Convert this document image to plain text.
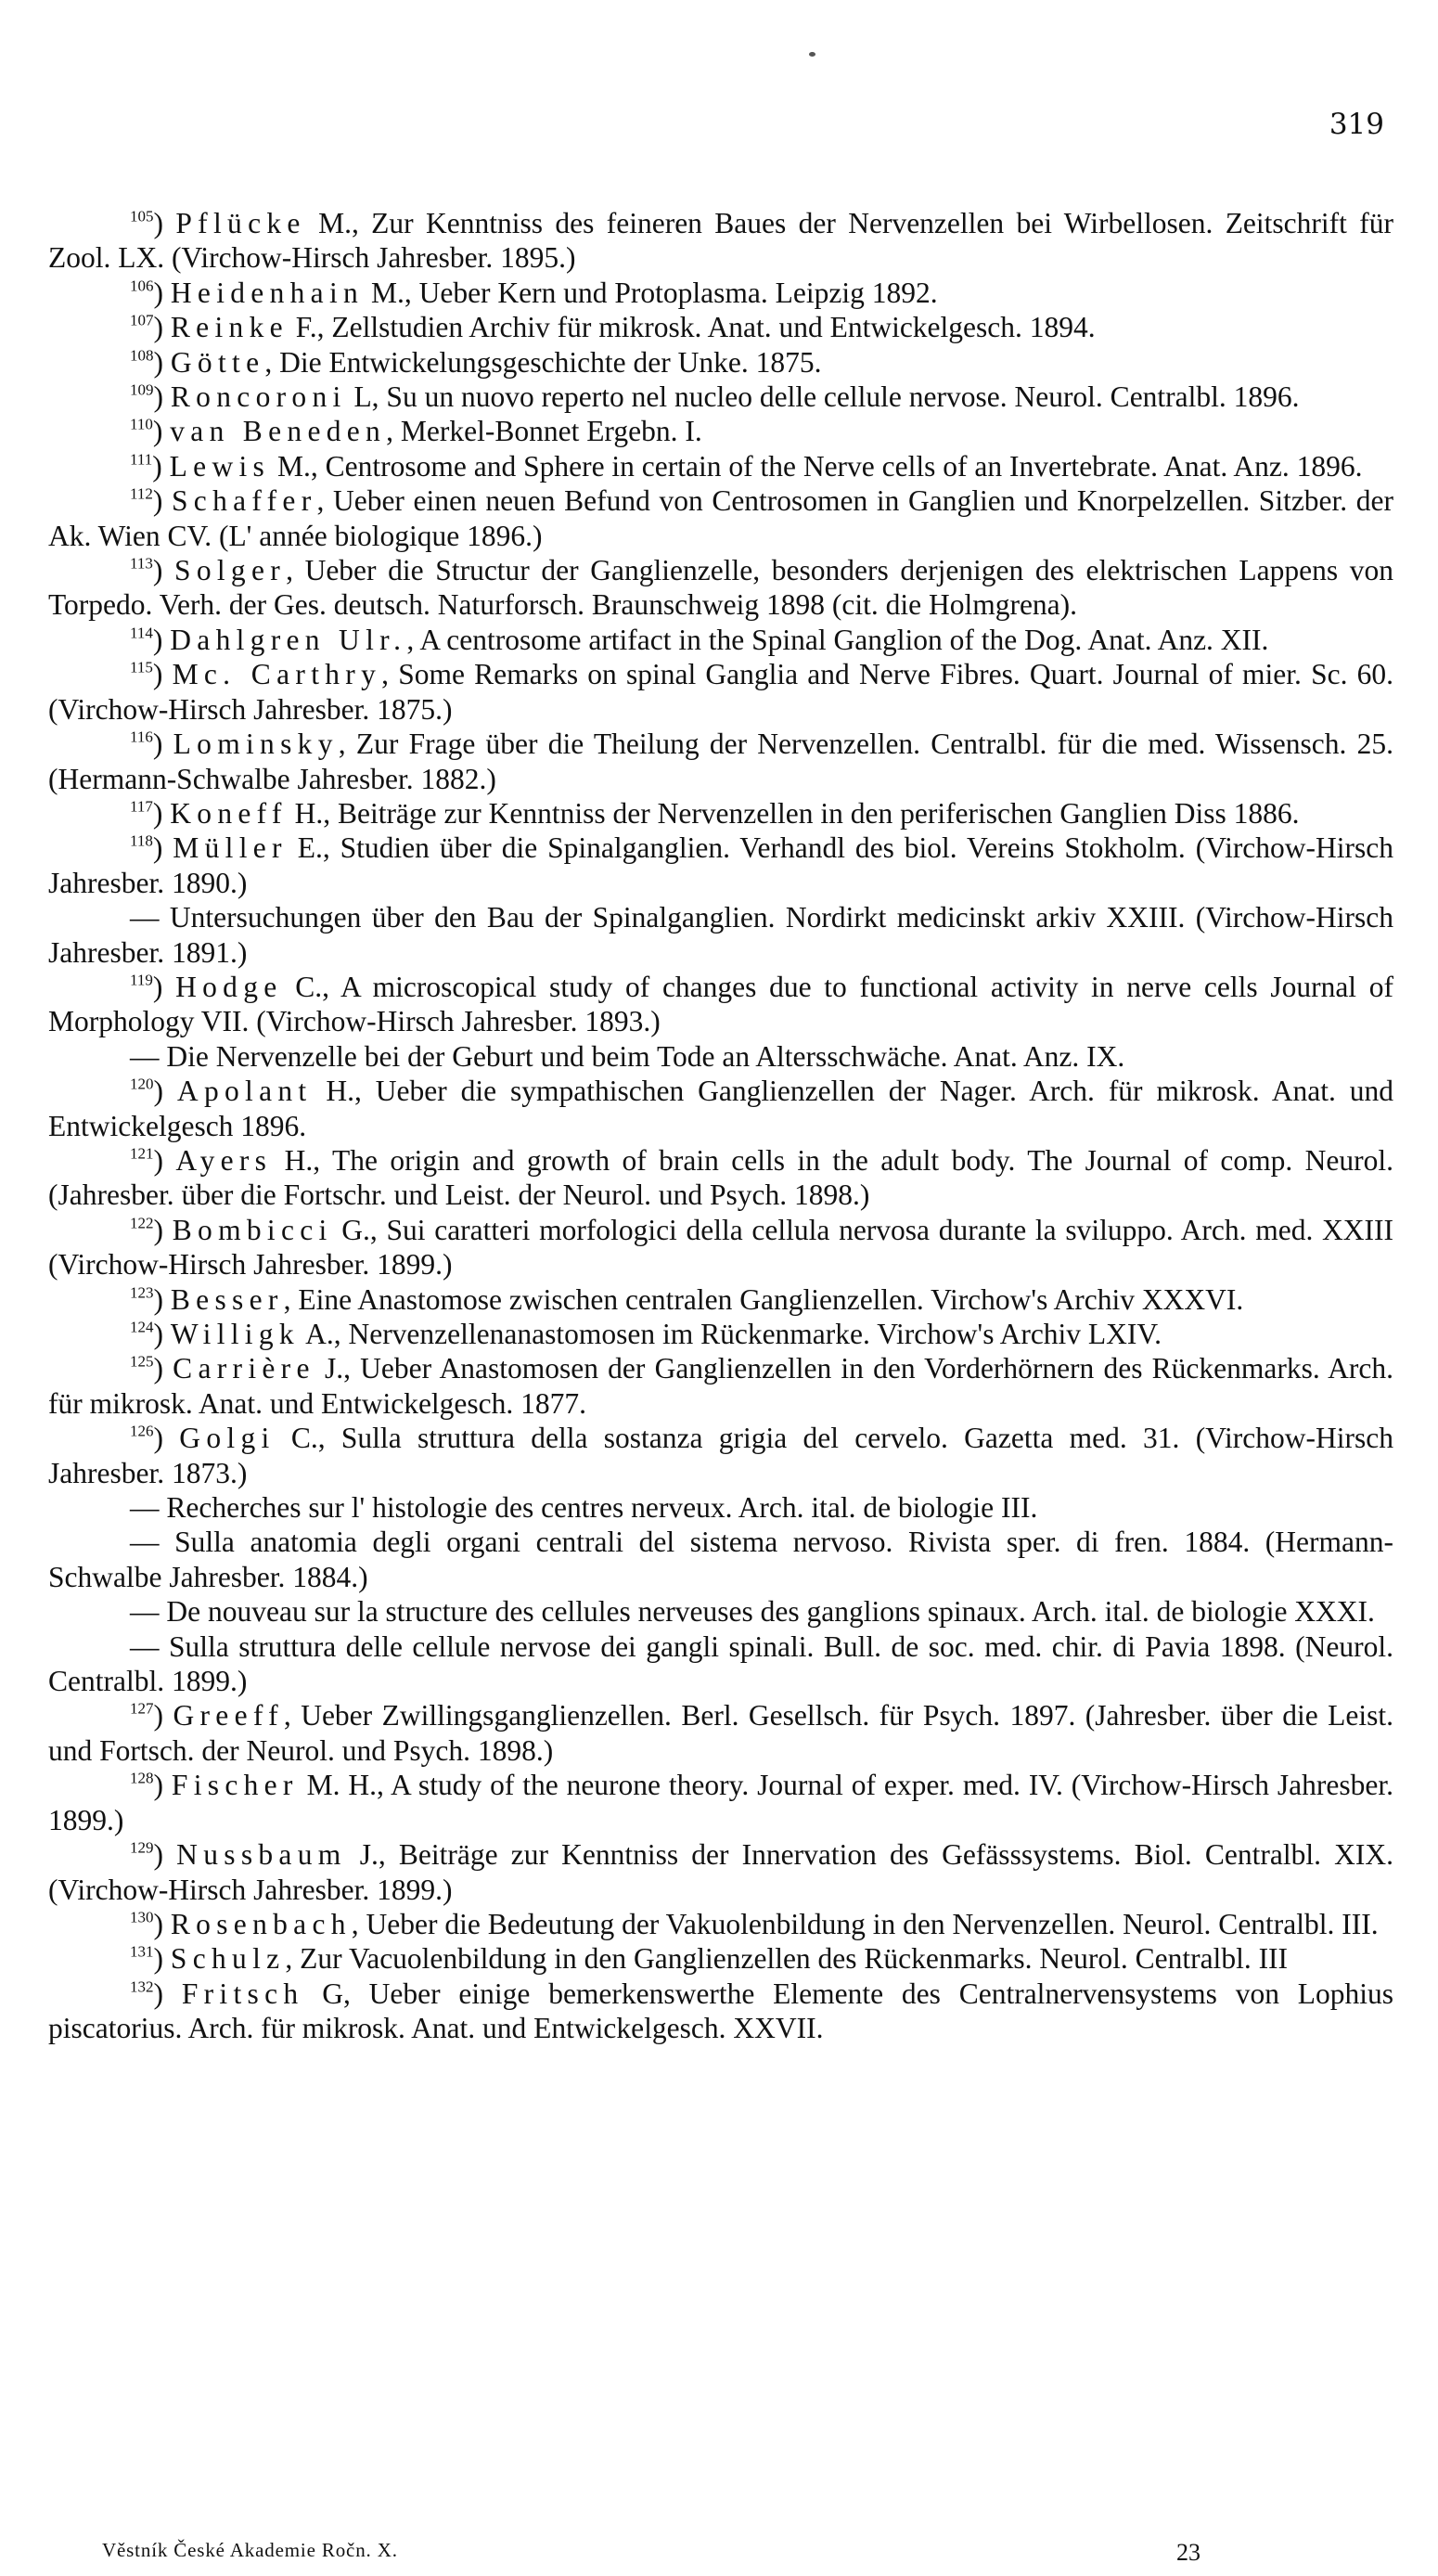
319

$^{105}$) Pflücke M., Zur Kenntniss des feineren Baues der Nervenzellen bei Wirbellosen. Zeitschrift für Zool. LX. (Virchow-Hirsch Jahresber. 1895.)

$^{106}$) Heidenhain M., Ueber Kern und Protoplasma. Leipzig 1892.

$^{107}$) Reinke F., Zellstudien Archiv für mikrosk. Anat. und Entwickelgesch. 1894.

$^{108}$) Götte, Die Entwickelungsgeschichte der Unke. 1875.

$^{109}$) Roncoroni L, Su un nuovo reperto nel nucleo delle cellule nervose. Neurol. Centralbl. 1896.

$^{110}$) van Beneden, Merkel-Bonnet Ergebn. I.

$^{111}$) Lewis M., Centrosome and Sphere in certain of the Nerve cells of an Invertebrate. Anat. Anz. 1896.

$^{112}$) Schaffer, Ueber einen neuen Befund von Centrosomen in Ganglien und Knorpelzellen. Sitzber. der Ak. Wien CV. (L' année biologique 1896.)

$^{113}$) Solger, Ueber die Structur der Ganglienzelle, besonders derjenigen des elektrischen Lappens von Torpedo. Verh. der Ges. deutsch. Naturforsch. Braunschweig 1898 (cit. die Holmgrena).

$^{114}$) Dahlgren Ulr., A centrosome artifact in the Spinal Ganglion of the Dog. Anat. Anz. XII.

$^{115}$) Mc. Carthry, Some Remarks on spinal Ganglia and Nerve Fibres. Quart. Journal of mier. Sc. 60. (Virchow-Hirsch Jahresber. 1875.)

$^{116}$) Lominsky, Zur Frage über die Theilung der Nervenzellen. Centralbl. für die med. Wissensch. 25. (Hermann-Schwalbe Jahresber. 1882.)

$^{117}$) Koneff H., Beiträge zur Kenntniss der Nervenzellen in den periferischen Ganglien Diss 1886.

$^{118}$) Müller E., Studien über die Spinalganglien. Verhandl des biol. Vereins Stokholm. (Virchow-Hirsch Jahresber. 1890.)

— Untersuchungen über den Bau der Spinalganglien. Nordirkt medicinskt arkiv XXIII. (Virchow-Hirsch Jahresber. 1891.)

$^{119}$) Hodge C., A microscopical study of changes due to functional activity in nerve cells Journal of Morphology VII. (Virchow-Hirsch Jahresber. 1893.)

— Die Nervenzelle bei der Geburt und beim Tode an Altersschwäche. Anat. Anz. IX.

$^{120}$) Apolant H., Ueber die sympathischen Ganglienzellen der Nager. Arch. für mikrosk. Anat. und Entwickelgesch 1896.

$^{121}$) Ayers H., The origin and growth of brain cells in the adult body. The Journal of comp. Neurol. (Jahresber. über die Fortschr. und Leist. der Neurol. und Psych. 1898.)

$^{122}$) Bombicci G., Sui caratteri morfologici della cellula nervosa durante la sviluppo. Arch. med. XXIII (Virchow-Hirsch Jahresber. 1899.)

$^{123}$) Besser, Eine Anastomose zwischen centralen Ganglienzellen. Virchow's Archiv XXXVI.

$^{124}$) Willigk A., Nervenzellenanastomosen im Rückenmarke. Virchow's Archiv LXIV.

$^{125}$) Carrière J., Ueber Anastomosen der Ganglienzellen in den Vorderhörnern des Rückenmarks. Arch. für mikrosk. Anat. und Entwickelgesch. 1877.

$^{126}$) Golgi C., Sulla struttura della sostanza grigia del cervelo. Gazetta med. 31. (Virchow-Hirsch Jahresber. 1873.)

— Recherches sur l' histologie des centres nerveux. Arch. ital. de biologie III.

— Sulla anatomia degli organi centrali del sistema nervoso. Rivista sper. di fren. 1884. (Hermann-Schwalbe Jahresber. 1884.)

— De nouveau sur la structure des cellules nerveuses des ganglions spinaux. Arch. ital. de biologie XXXI.

— Sulla struttura delle cellule nervose dei gangli spinali. Bull. de soc. med. chir. di Pavia 1898. (Neurol. Centralbl. 1899.)

$^{127}$) Greeff, Ueber Zwillingsganglienzellen. Berl. Gesellsch. für Psych. 1897. (Jahresber. über die Leist. und Fortsch. der Neurol. und Psych. 1898.)

$^{128}$) Fischer M. H., A study of the neurone theory. Journal of exper. med. IV. (Virchow-Hirsch Jahresber. 1899.)

$^{129}$) Nussbaum J., Beiträge zur Kenntniss der Innervation des Gefässsystems. Biol. Centralbl. XIX. (Virchow-Hirsch Jahresber. 1899.)

$^{130}$) Rosenbach, Ueber die Bedeutung der Vakuolenbildung in den Nervenzellen. Neurol. Centralbl. III.

$^{131}$) Schulz, Zur Vacuolenbildung in den Ganglienzellen des Rückenmarks. Neurol. Centralbl. III

$^{132}$) Fritsch G, Ueber einige bemerkenswerthe Elemente des Centralnervensystems von Lophius piscatorius. Arch. für mikrosk. Anat. und Entwickelgesch. XXVII.

Věstník České Akademie Ročn. X.	23
